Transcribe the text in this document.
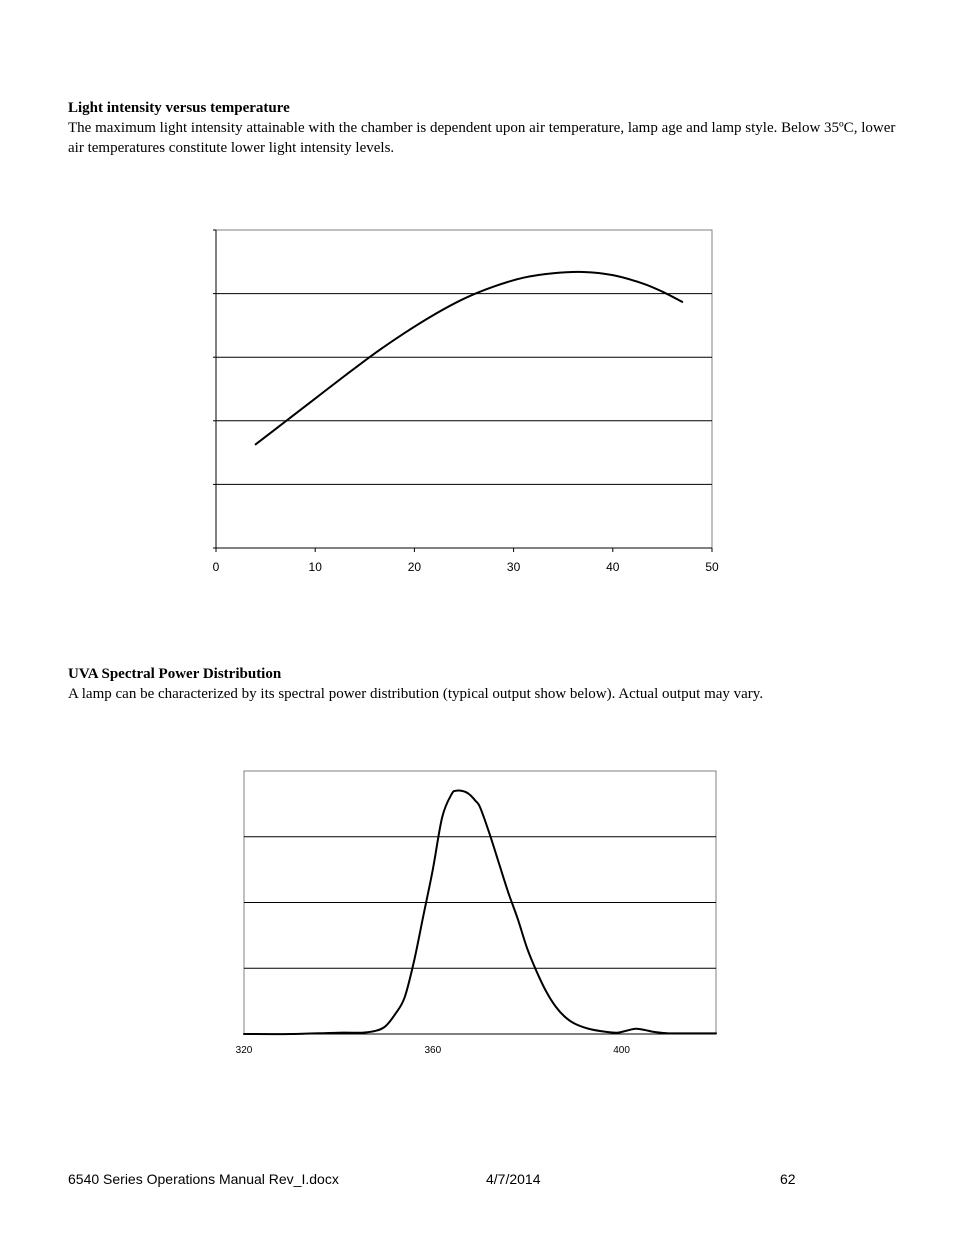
Light intensity versus temperature
The maximum light intensity attainable with the chamber is dependent upon air temperature, lamp age and lamp style. Below 35ºC, lower air temperatures constitute lower light intensity levels.
0	10	20	30	40	50
UVA Spectral Power Distribution
A lamp can be characterized by its spectral power distribution (typical output show below). Actual output may vary.
320	360	400
6540 Series Operations Manual Rev_I.docx	4/7/2014	62
